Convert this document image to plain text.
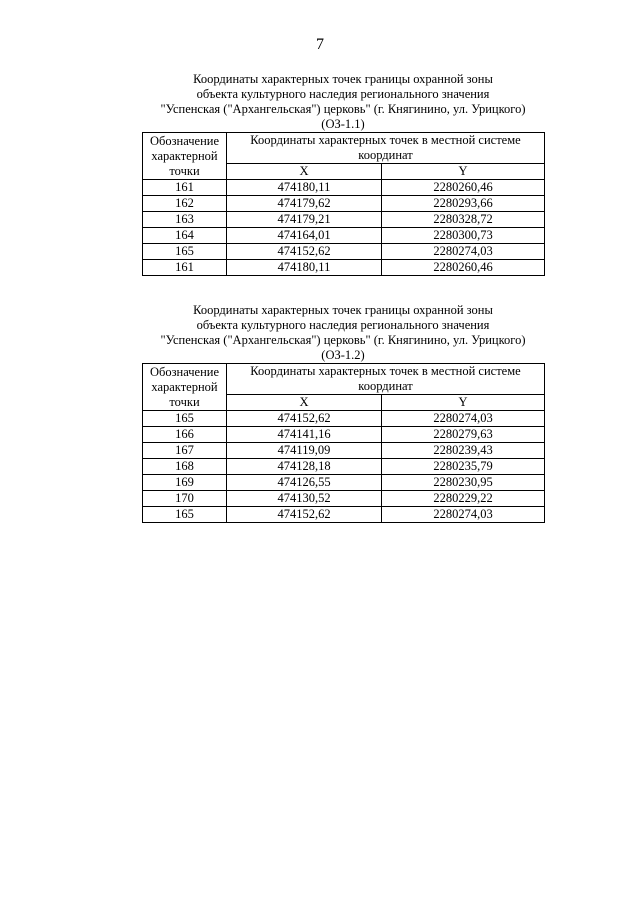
7
Координаты характерных точек границы охранной зоны
объекта культурного наследия регионального значения
"Успенская ("Архангельская") церковь" (г. Княгинино, ул. Урицкого)
(ОЗ-1.1)
Обозначение характерной точки	Координаты характерных точек в местной системе координат	
	X	Y
161	474180,11	2280260,46
162	474179,62	2280293,66
163	474179,21	2280328,72
164	474164,01	2280300,73
165	474152,62	2280274,03
161	474180,11	2280260,46
Координаты характерных точек границы охранной зоны
объекта культурного наследия регионального значения
"Успенская ("Архангельская") церковь" (г. Княгинино, ул. Урицкого)
(ОЗ-1.2)
Обозначение характерной точки	Координаты характерных точек в местной системе координат	
	X	Y
165	474152,62	2280274,03
166	474141,16	2280279,63
167	474119,09	2280239,43
168	474128,18	2280235,79
169	474126,55	2280230,95
170	474130,52	2280229,22
165	474152,62	2280274,03
